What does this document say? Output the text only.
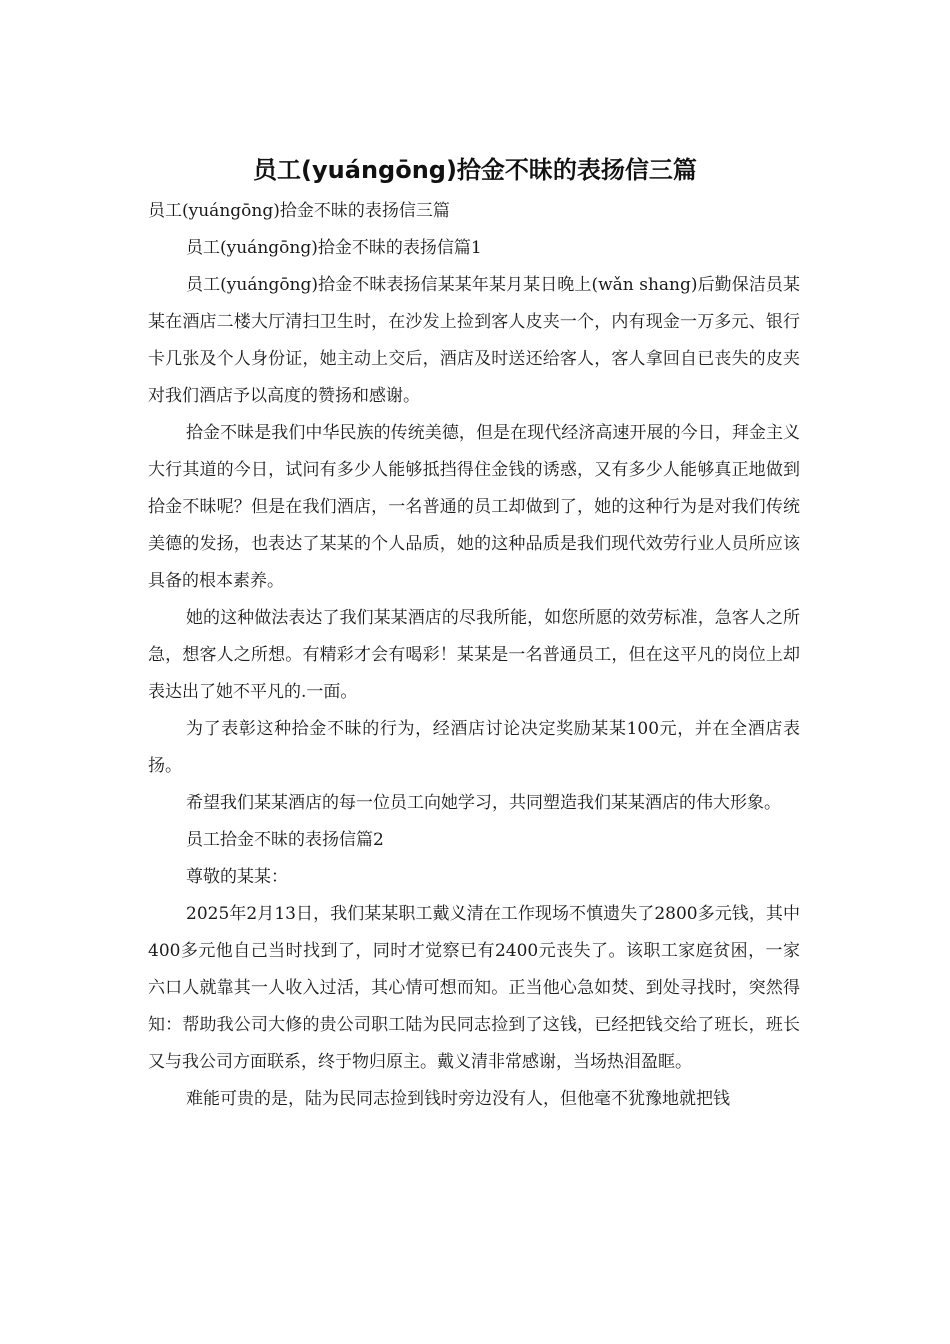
员工(yuángōng)拾金不昧的表扬信三篇

员工(yuángōng)拾金不昧的表扬信三篇

员工(yuángōng)拾金不昧的表扬信篇1

员工(yuángōng)拾金不昧表扬信某某年某月某日晚上(wǎn shang)后勤保洁员某某在酒店二楼大厅清扫卫生时，在沙发上捡到客人皮夹一个，内有现金一万多元、银行卡几张及个人身份证，她主动上交后，酒店及时送还给客人，客人拿回自已丧失的皮夹对我们酒店予以高度的赞扬和感谢。

拾金不昧是我们中华民族的传统美德，但是在现代经济高速开展的今日，拜金主义大行其道的今日，试问有多少人能够抵挡得住金钱的诱惑，又有多少人能够真正地做到拾金不昧呢？但是在我们酒店，一名普通的员工却做到了，她的这种行为是对我们传统美德的发扬，也表达了某某的个人品质，她的这种品质是我们现代效劳行业人员所应该具备的根本素养。

她的这种做法表达了我们某某酒店的尽我所能，如您所愿的效劳标准，急客人之所急，想客人之所想。有精彩才会有喝彩！某某是一名普通员工，但在这平凡的岗位上却表达出了她不平凡的.一面。

为了表彰这种拾金不昧的行为，经酒店讨论决定奖励某某100元，并在全酒店表扬。

希望我们某某酒店的每一位员工向她学习，共同塑造我们某某酒店的伟大形象。

员工拾金不昧的表扬信篇2

尊敬的某某：

2025年2月13日，我们某某职工戴义清在工作现场不慎遗失了2800多元钱，其中400多元他自己当时找到了，同时才觉察已有2400元丧失了。该职工家庭贫困，一家六口人就靠其一人收入过活，其心情可想而知。正当他心急如焚、到处寻找时，突然得知：帮助我公司大修的贵公司职工陆为民同志捡到了这钱，已经把钱交给了班长，班长又与我公司方面联系，终于物归原主。戴义清非常感谢，当场热泪盈眶。

难能可贵的是，陆为民同志捡到钱时旁边没有人，但他毫不犹豫地就把钱
